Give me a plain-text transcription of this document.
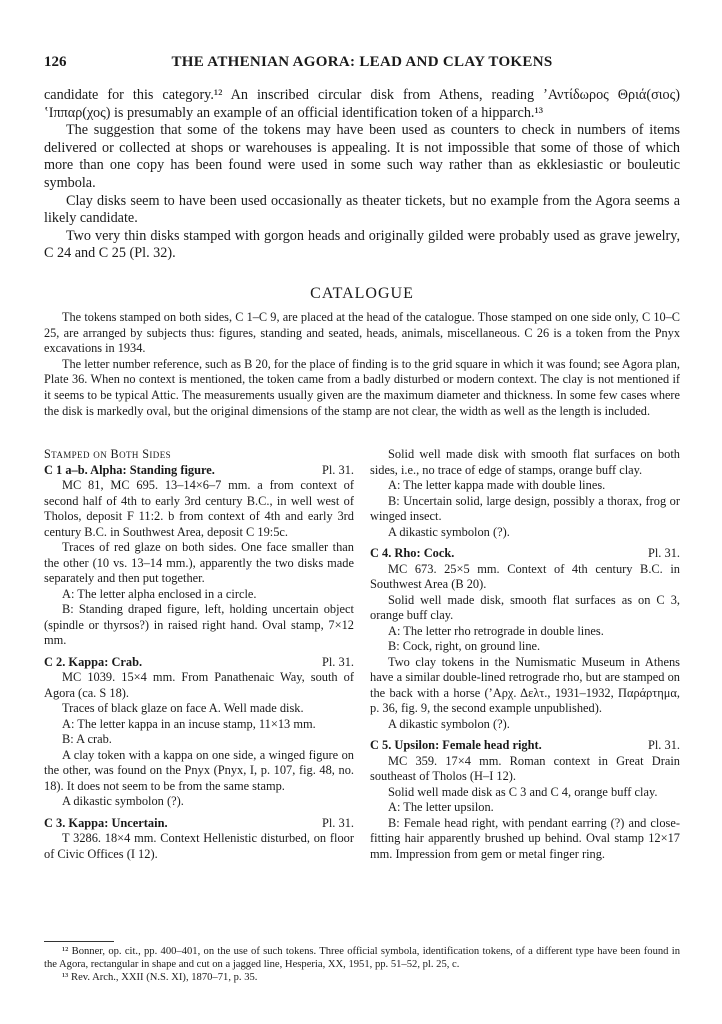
126	THE ATHENIAN AGORA: LEAD AND CLAY TOKENS

candidate for this category.¹² An inscribed circular disk from Athens, reading ʼΑντίδωρος Θριά(σιος) ʽΙππαρ(χος) is presumably an example of an official identification token of a hipparch.¹³

The suggestion that some of the tokens may have been used as counters to check in numbers of items delivered or collected at shops or warehouses is appealing. It is not impossible that some of those of which more than one copy has been found were used in some such way rather than as ekklesiastic or bouleutic symbola.

Clay disks seem to have been used occasionally as theater tickets, but no example from the Agora seems a likely candidate.

Two very thin disks stamped with gorgon heads and originally gilded were probably used as grave jewelry, C 24 and C 25 (Pl. 32).

CATALOGUE

The tokens stamped on both sides, C 1–C 9, are placed at the head of the catalogue. Those stamped on one side only, C 10–C 25, are arranged by subjects thus: figures, standing and seated, heads, animals, miscellaneous. C 26 is a token from the Pnyx excavations in 1934.

The letter number reference, such as B 20, for the place of finding is to the grid square in which it was found; see Agora plan, Plate 36. When no context is mentioned, the token came from a badly disturbed or modern context. The clay is not mentioned if it seems to be typical Attic. The measurements usually given are the maximum diameter and thickness. In some few cases where the disk is markedly oval, but the original dimensions of the stamp are not clear, the width as well as the length is included.

Stamped on Both Sides

C 1 a–b. Alpha: Standing figure.	Pl. 31.

MC 81, MC 695. 13–14×6–7 mm. a from context of second half of 4th to early 3rd century B.C., in well west of Tholos, deposit F 11:2. b from context of 4th and early 3rd century B.C. in Southwest Area, deposit C 19:5c.

Traces of red glaze on both sides. One face smaller than the other (10 vs. 13–14 mm.), apparently the two disks made separately and then put together.

A: The letter alpha enclosed in a circle.

B: Standing draped figure, left, holding uncertain object (spindle or thyrsos?) in raised right hand. Oval stamp, 7×12 mm.

C 2. Kappa: Crab.	Pl. 31.

MC 1039. 15×4 mm. From Panathenaic Way, south of Agora (ca. S 18).

Traces of black glaze on face A. Well made disk.

A: The letter kappa in an incuse stamp, 11×13 mm.

B: A crab.

A clay token with a kappa on one side, a winged figure on the other, was found on the Pnyx (Pnyx, I, p. 107, fig. 48, no. 18). It does not seem to be from the same stamp.

A dikastic symbolon (?).

C 3. Kappa: Uncertain.	Pl. 31.

T 3286. 18×4 mm. Context Hellenistic disturbed, on floor of Civic Offices (I 12).

Solid well made disk with smooth flat surfaces on both sides, i.e., no trace of edge of stamps, orange buff clay.

A: The letter kappa made with double lines.

B: Uncertain solid, large design, possibly a thorax, frog or winged insect.

A dikastic symbolon (?).

C 4. Rho: Cock.	Pl. 31.

MC 673. 25×5 mm. Context of 4th century B.C. in Southwest Area (B 20).

Solid well made disk, smooth flat surfaces as on C 3, orange buff clay.

A: The letter rho retrograde in double lines.

B: Cock, right, on ground line.

Two clay tokens in the Numismatic Museum in Athens have a similar double-lined retrograde rho, but are stamped on the back with a horse (ʼΑρχ. Δελτ., 1931–1932, Παράρτημα, p. 36, fig. 9, the second example unpublished).

A dikastic symbolon (?).

C 5. Upsilon: Female head right.	Pl. 31.

MC 359. 17×4 mm. Roman context in Great Drain southeast of Tholos (H–I 12).

Solid well made disk as C 3 and C 4, orange buff clay.

A: The letter upsilon.

B: Female head right, with pendant earring (?) and close-fitting hair apparently brushed up behind. Oval stamp 12×17 mm. Impression from gem or metal finger ring.

¹² Bonner, op. cit., pp. 400–401, on the use of such tokens. Three official symbola, identification tokens, of a different type have been found in the Agora, rectangular in shape and cut on a jagged line, Hesperia, XX, 1951, pp. 51–52, pl. 25, c.

¹³ Rev. Arch., XXII (N.S. XI), 1870–71, p. 35.
